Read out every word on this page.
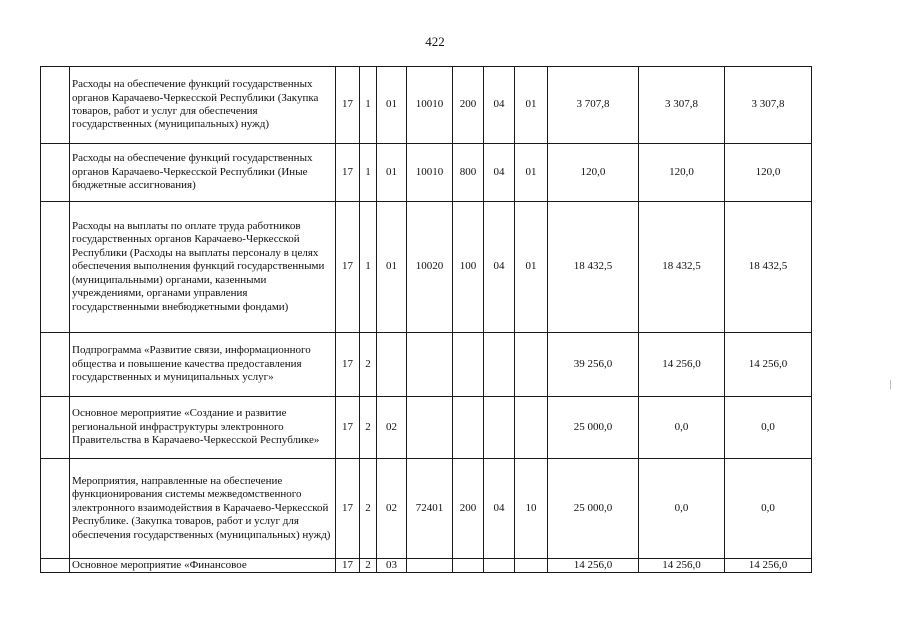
422
	Расходы на обеспечение функций государственных органов Карачаево-Черкесской Республики (Закупка товаров, работ и услуг для обеспечения государственных (муниципальных) нужд)	17	1	01	10010	200	04	01	3 707,8	3 307,8	3 307,8
	Расходы на обеспечение функций государственных органов Карачаево-Черкесской Республики (Иные бюджетные ассигнования)	17	1	01	10010	800	04	01	120,0	120,0	120,0
	Расходы на выплаты по оплате труда работников государственных органов Карачаево-Черкесской Республики (Расходы на выплаты персоналу в целях обеспечения выполнения функций государственными (муниципальными) органами, казенными учреждениями, органами управления государственными внебюджетными фондами)	17	1	01	10020	100	04	01	18 432,5	18 432,5	18 432,5
	Подпрограмма «Развитие связи, информационного общества и повышение качества предоставления государственных и муниципальных услуг»	17	2						39 256,0	14 256,0	14 256,0
	Основное мероприятие «Создание и развитие региональной инфраструктуры электронного Правительства в Карачаево-Черкесской Республике»	17	2	02					25 000,0	0,0	0,0
	Мероприятия, направленные на обеспечение функционирования системы межведомственного электронного взаимодействия в Карачаево-Черкесской Республике. (Закупка товаров, работ и услуг для обеспечения государственных (муниципальных) нужд)	17	2	02	72401	200	04	10	25 000,0	0,0	0,0
	Основное мероприятие «Финансовое	17	2	03					14 256,0	14 256,0	14 256,0
